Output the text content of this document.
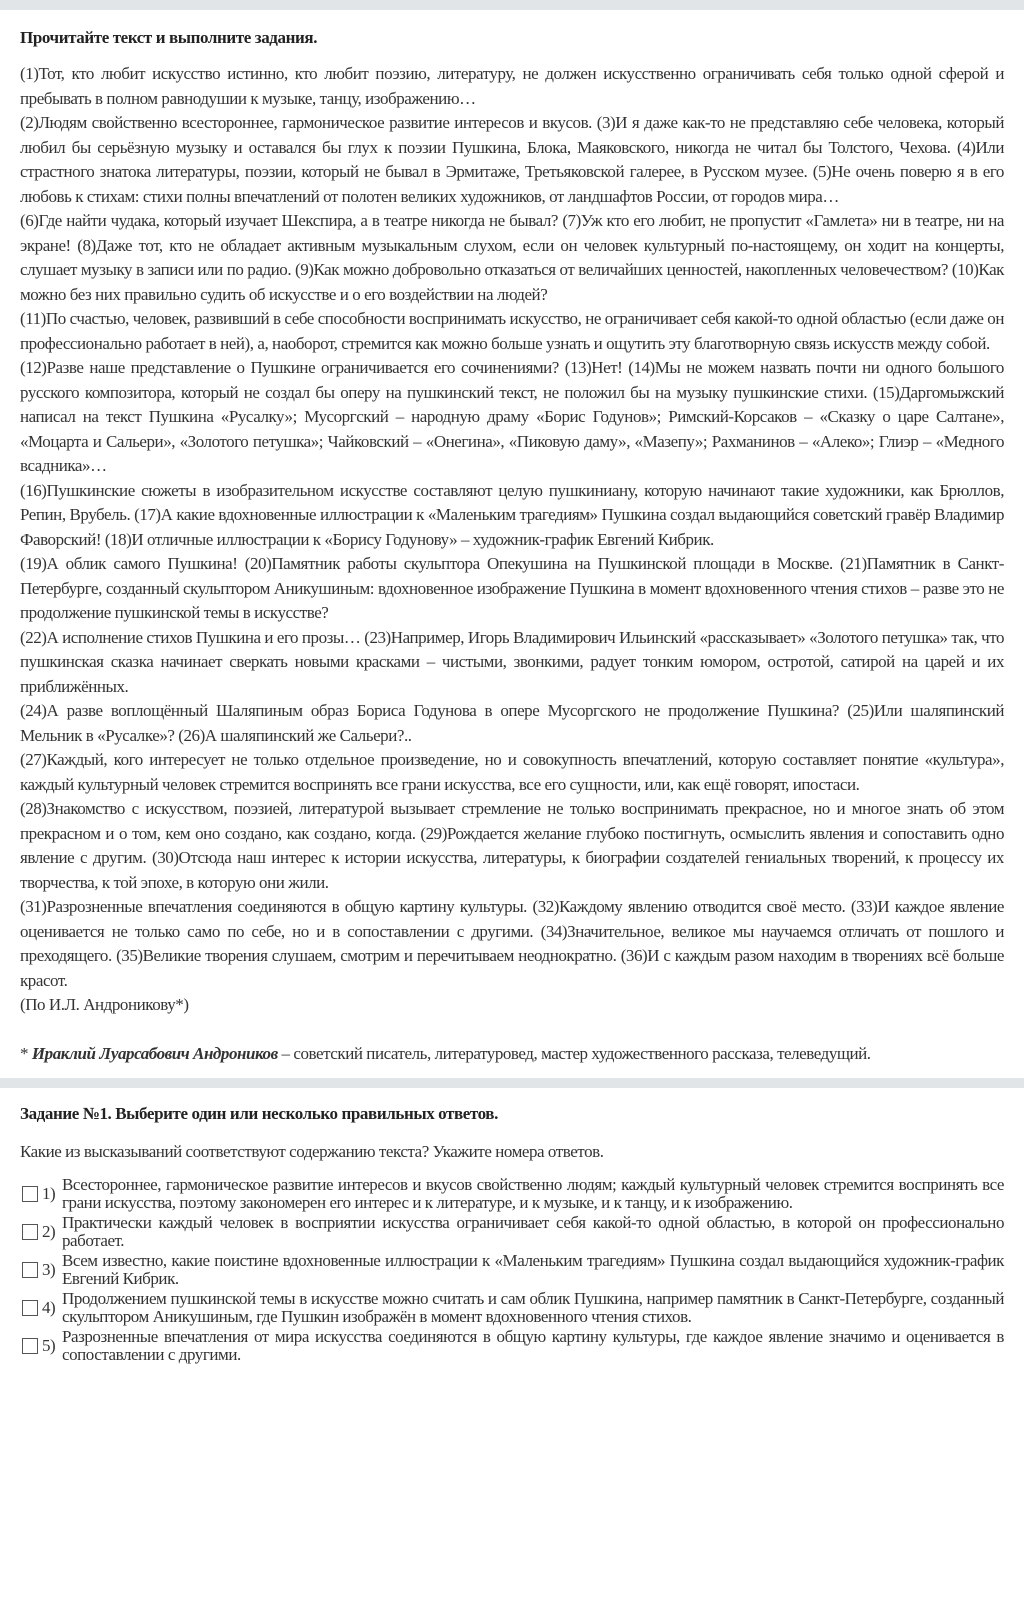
Прочитайте текст и выполните задания.

(1)Тот, кто любит искусство истинно, кто любит поэзию, литературу, не должен искусственно ограничивать себя только одной сферой и пребывать в полном равнодушии к музыке, танцу, изображению…

(2)Людям свойственно всестороннее, гармоническое развитие интересов и вкусов. (3)И я даже как-то не представляю себе человека, который любил бы серьёзную музыку и оставался бы глух к поэзии Пушкина, Блока, Маяковского, никогда не читал бы Толстого, Чехова. (4)Или страстного знатока литературы, поэзии, который не бывал в Эрмитаже, Третьяковской галерее, в Русском музее. (5)Не очень поверю я в его любовь к стихам: стихи полны впечатлений от полотен великих художников, от ландшафтов России, от городов мира…

(6)Где найти чудака, который изучает Шекспира, а в театре никогда не бывал? (7)Уж кто его любит, не пропустит «Гамлета» ни в театре, ни на экране! (8)Даже тот, кто не обладает активным музыкальным слухом, если он человек культурный по-настоящему, он ходит на концерты, слушает музыку в записи или по радио. (9)Как можно добровольно отказаться от величайших ценностей, накопленных человечеством? (10)Как можно без них правильно судить об искусстве и о его воздействии на людей?

(11)По счастью, человек, развивший в себе способности воспринимать искусство, не ограничивает себя какой-то одной областью (если даже он профессионально работает в ней), а, наоборот, стремится как можно больше узнать и ощутить эту благотворную связь искусств между собой.

(12)Разве наше представление о Пушкине ограничивается его сочинениями? (13)Нет! (14)Мы не можем назвать почти ни одного большого русского композитора, который не создал бы оперу на пушкинский текст, не положил бы на музыку пушкинские стихи. (15)Даргомыжский написал на текст Пушкина «Русалку»; Мусоргский – народную драму «Борис Годунов»; Римский-Корсаков – «Сказку о царе Салтане», «Моцарта и Сальери», «Золотого петушка»; Чайковский – «Онегина», «Пиковую даму», «Мазепу»; Рахманинов – «Алеко»; Глиэр – «Медного всадника»…

(16)Пушкинские сюжеты в изобразительном искусстве составляют целую пушкиниану, которую начинают такие художники, как Брюллов, Репин, Врубель. (17)А какие вдохновенные иллюстрации к «Маленьким трагедиям» Пушкина создал выдающийся советский гравёр Владимир Фаворский! (18)И отличные иллюстрации к «Борису Годунову» – художник-график Евгений Кибрик.

(19)А облик самого Пушкина! (20)Памятник работы скульптора Опекушина на Пушкинской площади в Москве. (21)Памятник в Санкт-Петербурге, созданный скульптором Аникушиным: вдохновенное изображение Пушкина в момент вдохновенного чтения стихов – разве это не продолжение пушкинской темы в искусстве?

(22)А исполнение стихов Пушкина и его прозы… (23)Например, Игорь Владимирович Ильинский «рассказывает» «Золотого петушка» так, что пушкинская сказка начинает сверкать новыми красками – чистыми, звонкими, радует тонким юмором, остротой, сатирой на царей и их приближённых.

(24)А разве воплощённый Шаляпиным образ Бориса Годунова в опере Мусоргского не продолжение Пушкина? (25)Или шаляпинский Мельник в «Русалке»? (26)А шаляпинский же Сальери?..

(27)Каждый, кого интересует не только отдельное произведение, но и совокупность впечатлений, которую составляет понятие «культура», каждый культурный человек стремится воспринять все грани искусства, все его сущности, или, как ещё говорят, ипостаси.

(28)Знакомство с искусством, поэзией, литературой вызывает стремление не только воспринимать прекрасное, но и многое знать об этом прекрасном и о том, кем оно создано, как создано, когда. (29)Рождается желание глубоко постигнуть, осмыслить явления и сопоставить одно явление с другим. (30)Отсюда наш интерес к истории искусства, литературы, к биографии создателей гениальных творений, к процессу их творчества, к той эпохе, в которую они жили.

(31)Разрозненные впечатления соединяются в общую картину культуры. (32)Каждому явлению отводится своё место. (33)И каждое явление оценивается не только само по себе, но и в сопоставлении с другими. (34)Значительное, великое мы научаемся отличать от пошлого и преходящего. (35)Великие творения слушаем, смотрим и перечитываем неоднократно. (36)И с каждым разом находим в творениях всё больше красот.

(По И.Л. Андроникову*)

* Ираклий Луарсабович Андроников – советский писатель, литературовед, мастер художественного рассказа, телеведущий.

Задание №1. Выберите один или несколько правильных ответов.

Какие из высказываний соответствуют содержанию текста? Укажите номера ответов.

1) Всестороннее, гармоническое развитие интересов и вкусов свойственно людям; каждый культурный человек стремится воспринять все грани искусства, поэтому закономерен его интерес и к литературе, и к музыке, и к танцу, и к изображению.
2) Практически каждый человек в восприятии искусства ограничивает себя какой-то одной областью, в которой он профессионально работает.
3) Всем известно, какие поистине вдохновенные иллюстрации к «Маленьким трагедиям» Пушкина создал выдающийся художник-график Евгений Кибрик.
4) Продолжением пушкинской темы в искусстве можно считать и сам облик Пушкина, например памятник в Санкт-Петербурге, созданный скульптором Аникушиным, где Пушкин изображён в момент вдохновенного чтения стихов.
5) Разрозненные впечатления от мира искусства соединяются в общую картину культуры, где каждое явление значимо и оценивается в сопоставлении с другими.
